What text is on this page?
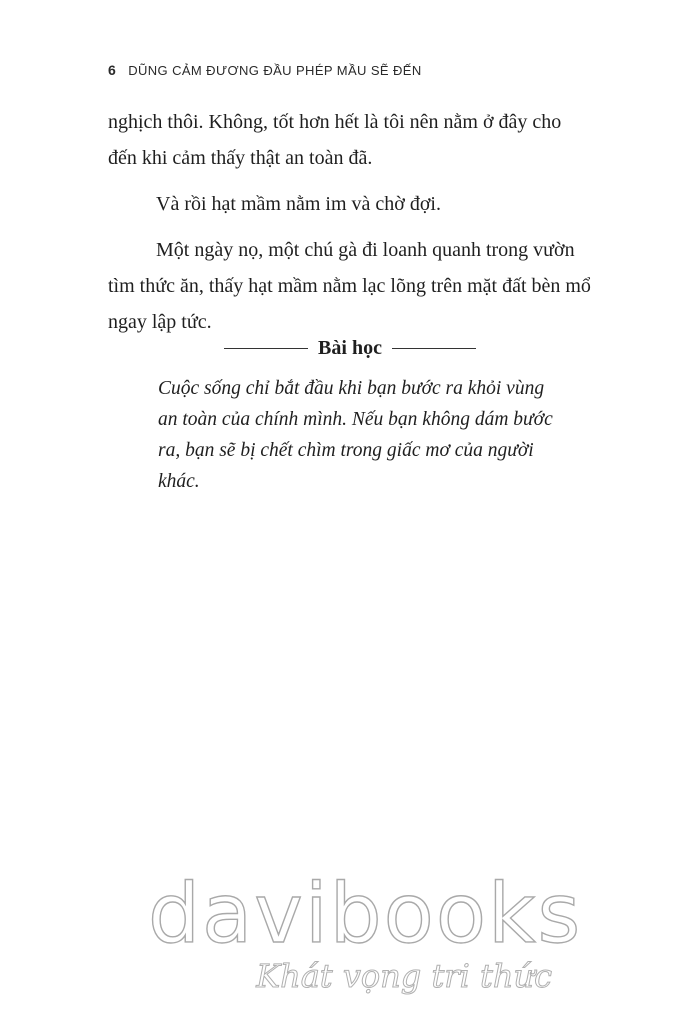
6 DŨNG CẢM ĐƯƠNG ĐẦU PHÉP MẦU SẼ ĐẾN

nghịch thôi. Không, tốt hơn hết là tôi nên nằm ở đây cho đến khi cảm thấy thật an toàn đã.

Và rồi hạt mầm nằm im và chờ đợi.

Một ngày nọ, một chú gà đi loanh quanh trong vườn tìm thức ăn, thấy hạt mầm nằm lạc lõng trên mặt đất bèn mổ ngay lập tức.

Bài học

Cuộc sống chỉ bắt đầu khi bạn bước ra khỏi vùng an toàn của chính mình. Nếu bạn không dám bước ra, bạn sẽ bị chết chìm trong giấc mơ của người khác.

davibooks
Khát vọng tri thức
